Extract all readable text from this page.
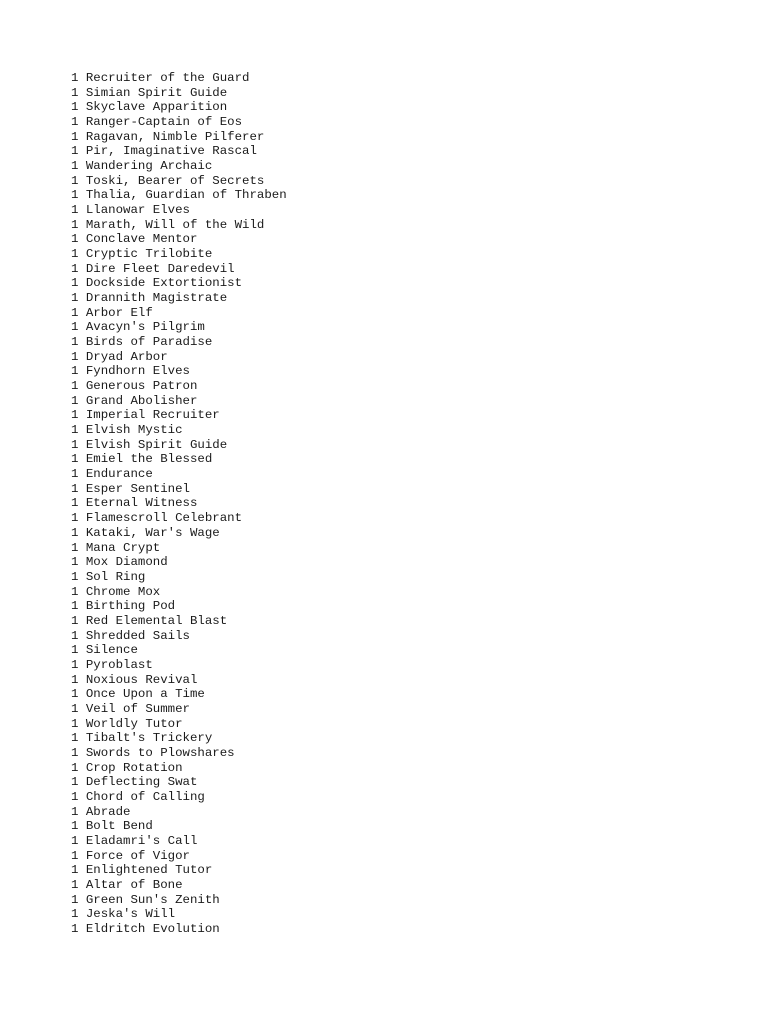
1 Recruiter of the Guard
1 Simian Spirit Guide
1 Skyclave Apparition
1 Ranger-Captain of Eos
1 Ragavan, Nimble Pilferer
1 Pir, Imaginative Rascal
1 Wandering Archaic
1 Toski, Bearer of Secrets
1 Thalia, Guardian of Thraben
1 Llanowar Elves
1 Marath, Will of the Wild
1 Conclave Mentor
1 Cryptic Trilobite
1 Dire Fleet Daredevil
1 Dockside Extortionist
1 Drannith Magistrate
1 Arbor Elf
1 Avacyn's Pilgrim
1 Birds of Paradise
1 Dryad Arbor
1 Fyndhorn Elves
1 Generous Patron
1 Grand Abolisher
1 Imperial Recruiter
1 Elvish Mystic
1 Elvish Spirit Guide
1 Emiel the Blessed
1 Endurance
1 Esper Sentinel
1 Eternal Witness
1 Flamescroll Celebrant
1 Kataki, War's Wage
1 Mana Crypt
1 Mox Diamond
1 Sol Ring
1 Chrome Mox
1 Birthing Pod
1 Red Elemental Blast
1 Shredded Sails
1 Silence
1 Pyroblast
1 Noxious Revival
1 Once Upon a Time
1 Veil of Summer
1 Worldly Tutor
1 Tibalt's Trickery
1 Swords to Plowshares
1 Crop Rotation
1 Deflecting Swat
1 Chord of Calling
1 Abrade
1 Bolt Bend
1 Eladamri's Call
1 Force of Vigor
1 Enlightened Tutor
1 Altar of Bone
1 Green Sun's Zenith
1 Jeska's Will
1 Eldritch Evolution
